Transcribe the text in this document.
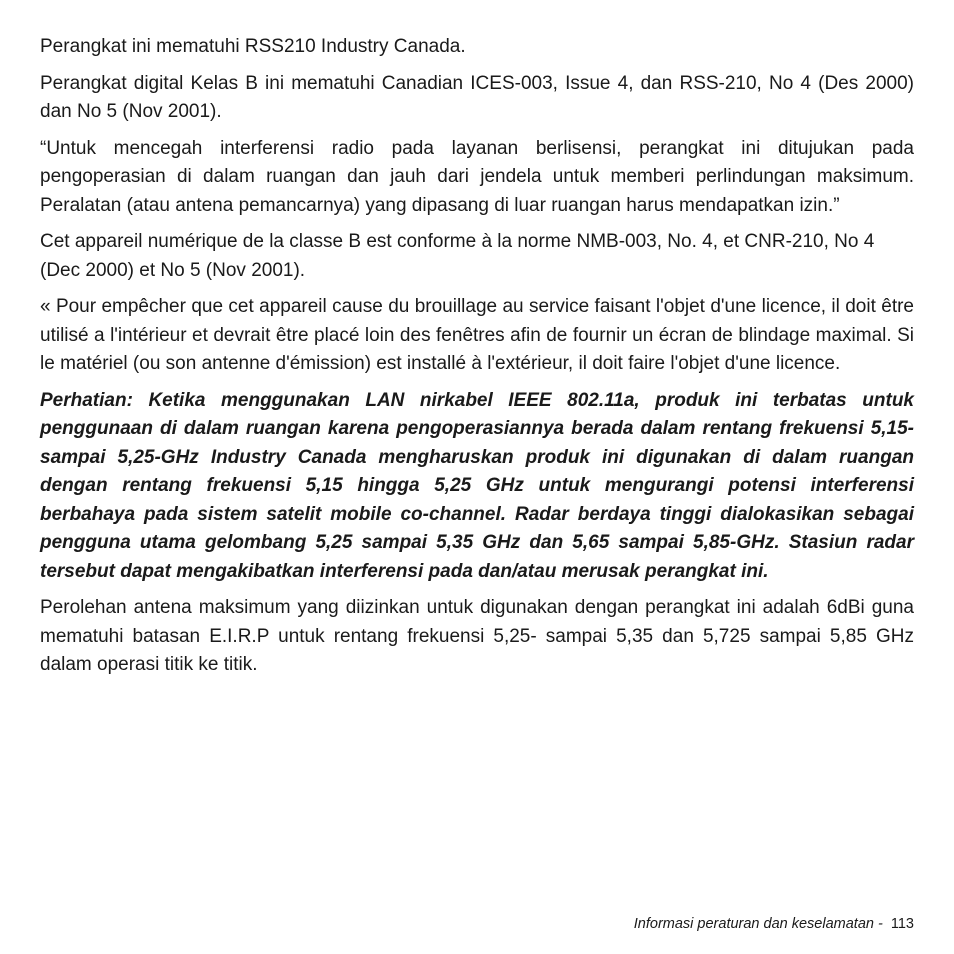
Perangkat ini mematuhi RSS210 Industry Canada.

Perangkat digital Kelas B ini mematuhi Canadian ICES-003, Issue 4, dan RSS-210, No 4 (Des 2000) dan No 5 (Nov 2001).

“Untuk mencegah interferensi radio pada layanan berlisensi, perangkat ini ditujukan pada pengoperasian di dalam ruangan dan jauh dari jendela untuk memberi perlindungan maksimum. Peralatan (atau antena pemancarnya) yang dipasang di luar ruangan harus mendapatkan izin.”

Cet appareil numérique de la classe B est conforme à la norme NMB-003, No. 4, et CNR-210, No 4 (Dec 2000) et No 5 (Nov 2001).

« Pour empêcher que cet appareil cause du brouillage au service faisant l'objet d'une licence, il doit être utilisé a l'intérieur et devrait être placé loin des fenêtres afin de fournir un écran de blindage maximal. Si le matériel (ou son antenne d'émission) est installé à l'extérieur, il doit faire l'objet d'une licence.

Perhatian: Ketika menggunakan LAN nirkabel IEEE 802.11a, produk ini terbatas untuk penggunaan di dalam ruangan karena pengoperasiannya berada dalam rentang frekuensi 5,15- sampai 5,25-GHz Industry Canada mengharuskan produk ini digunakan di dalam ruangan dengan rentang frekuensi 5,15 hingga 5,25 GHz untuk mengurangi potensi interferensi berbahaya pada sistem satelit mobile co-channel. Radar berdaya tinggi dialokasikan sebagai pengguna utama gelombang 5,25 sampai 5,35 GHz dan 5,65 sampai 5,85-GHz. Stasiun radar tersebut dapat mengakibatkan interferensi pada dan/atau merusak perangkat ini.

Perolehan antena maksimum yang diizinkan untuk digunakan dengan perangkat ini adalah 6dBi guna mematuhi batasan E.I.R.P untuk rentang frekuensi 5,25- sampai 5,35 dan 5,725 sampai 5,85 GHz dalam operasi titik ke titik.

Informasi peraturan dan keselamatan -  113
